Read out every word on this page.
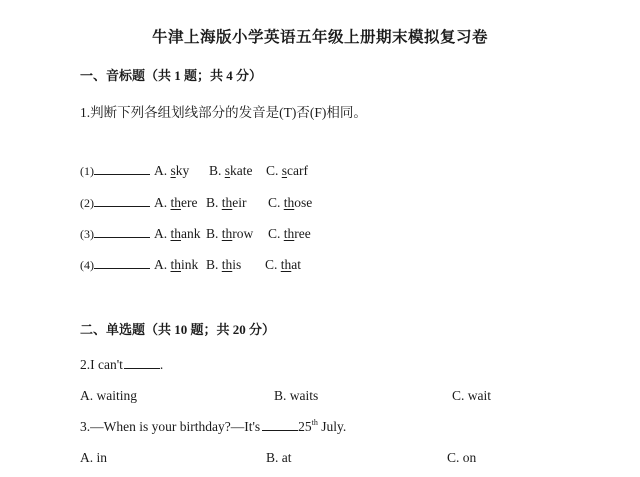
牛津上海版小学英语五年级上册期末模拟复习卷
一、音标题（共 1 题；共 4 分）
1.判断下列各组划线部分的发音是(T)否(F)相同。
(1)	A. sky B. skate C. scarf
(2)	A. there B. their C. those
(3)	A. thank B. throw C. three
(4)	A. think B. this C. that
二、单选题（共 10 题；共 20 分）
2.I can't	.
A. waiting	B. waits	C. wait
3.—When is your birthday?—It's	25th July.
A. in	B. at	C. on
